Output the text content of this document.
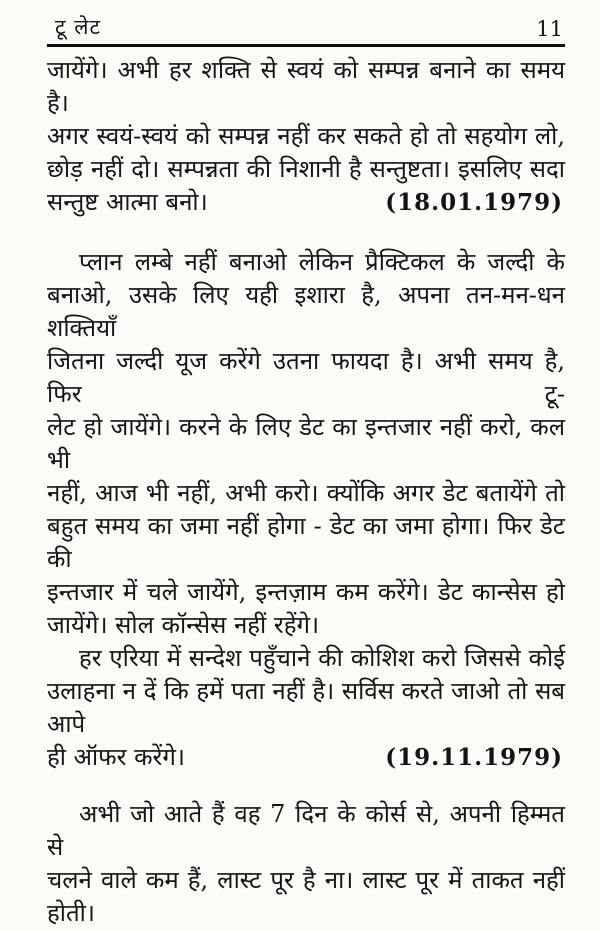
टू लेट	11

जायेंगे। अभी हर शक्ति से स्वयं को सम्पन्न बनाने का समय है।

अगर स्वयं-स्वयं को सम्पन्न नहीं कर सकते हो तो सहयोग लो,

छोड़ नहीं दो। सम्पन्नता की निशानी है सन्तुष्टता। इसलिए सदा

सन्तुष्ट आत्मा बनो।	(18.01.1979)

प्लान लम्बे नहीं बनाओ लेकिन प्रैक्टिकल के जल्दी के

बनाओ, उसके लिए यही इशारा है, अपना तन-मन-धन शक्तियाँ

जितना जल्दी यूज करेंगे उतना फायदा है। अभी समय है, फिर टू-

लेट हो जायेंगे। करने के लिए डेट का इन्तजार नहीं करो, कल भी

नहीं, आज भी नहीं, अभी करो। क्योंकि अगर डेट बतायेंगे तो

बहुत समय का जमा नहीं होगा - डेट का जमा होगा। फिर डेट की

इन्तजार में चले जायेंगे, इन्तज़ाम कम करेंगे। डेट कान्सेस हो

जायेंगे। सोल कॉन्सेस नहीं रहेंगे।

हर एरिया में सन्देश पहुँचाने की कोशिश करो जिससे कोई

उलाहना न दें कि हमें पता नहीं है। सर्विस करते जाओ तो सब आपे

ही ऑफर करेंगे।	(19.11.1979)

अभी जो आते हैं वह 7 दिन के कोर्स से, अपनी हिम्मत से

चलने वाले कम हैं, लास्ट पूर है ना। लास्ट पूर में ताकत नहीं होती।
